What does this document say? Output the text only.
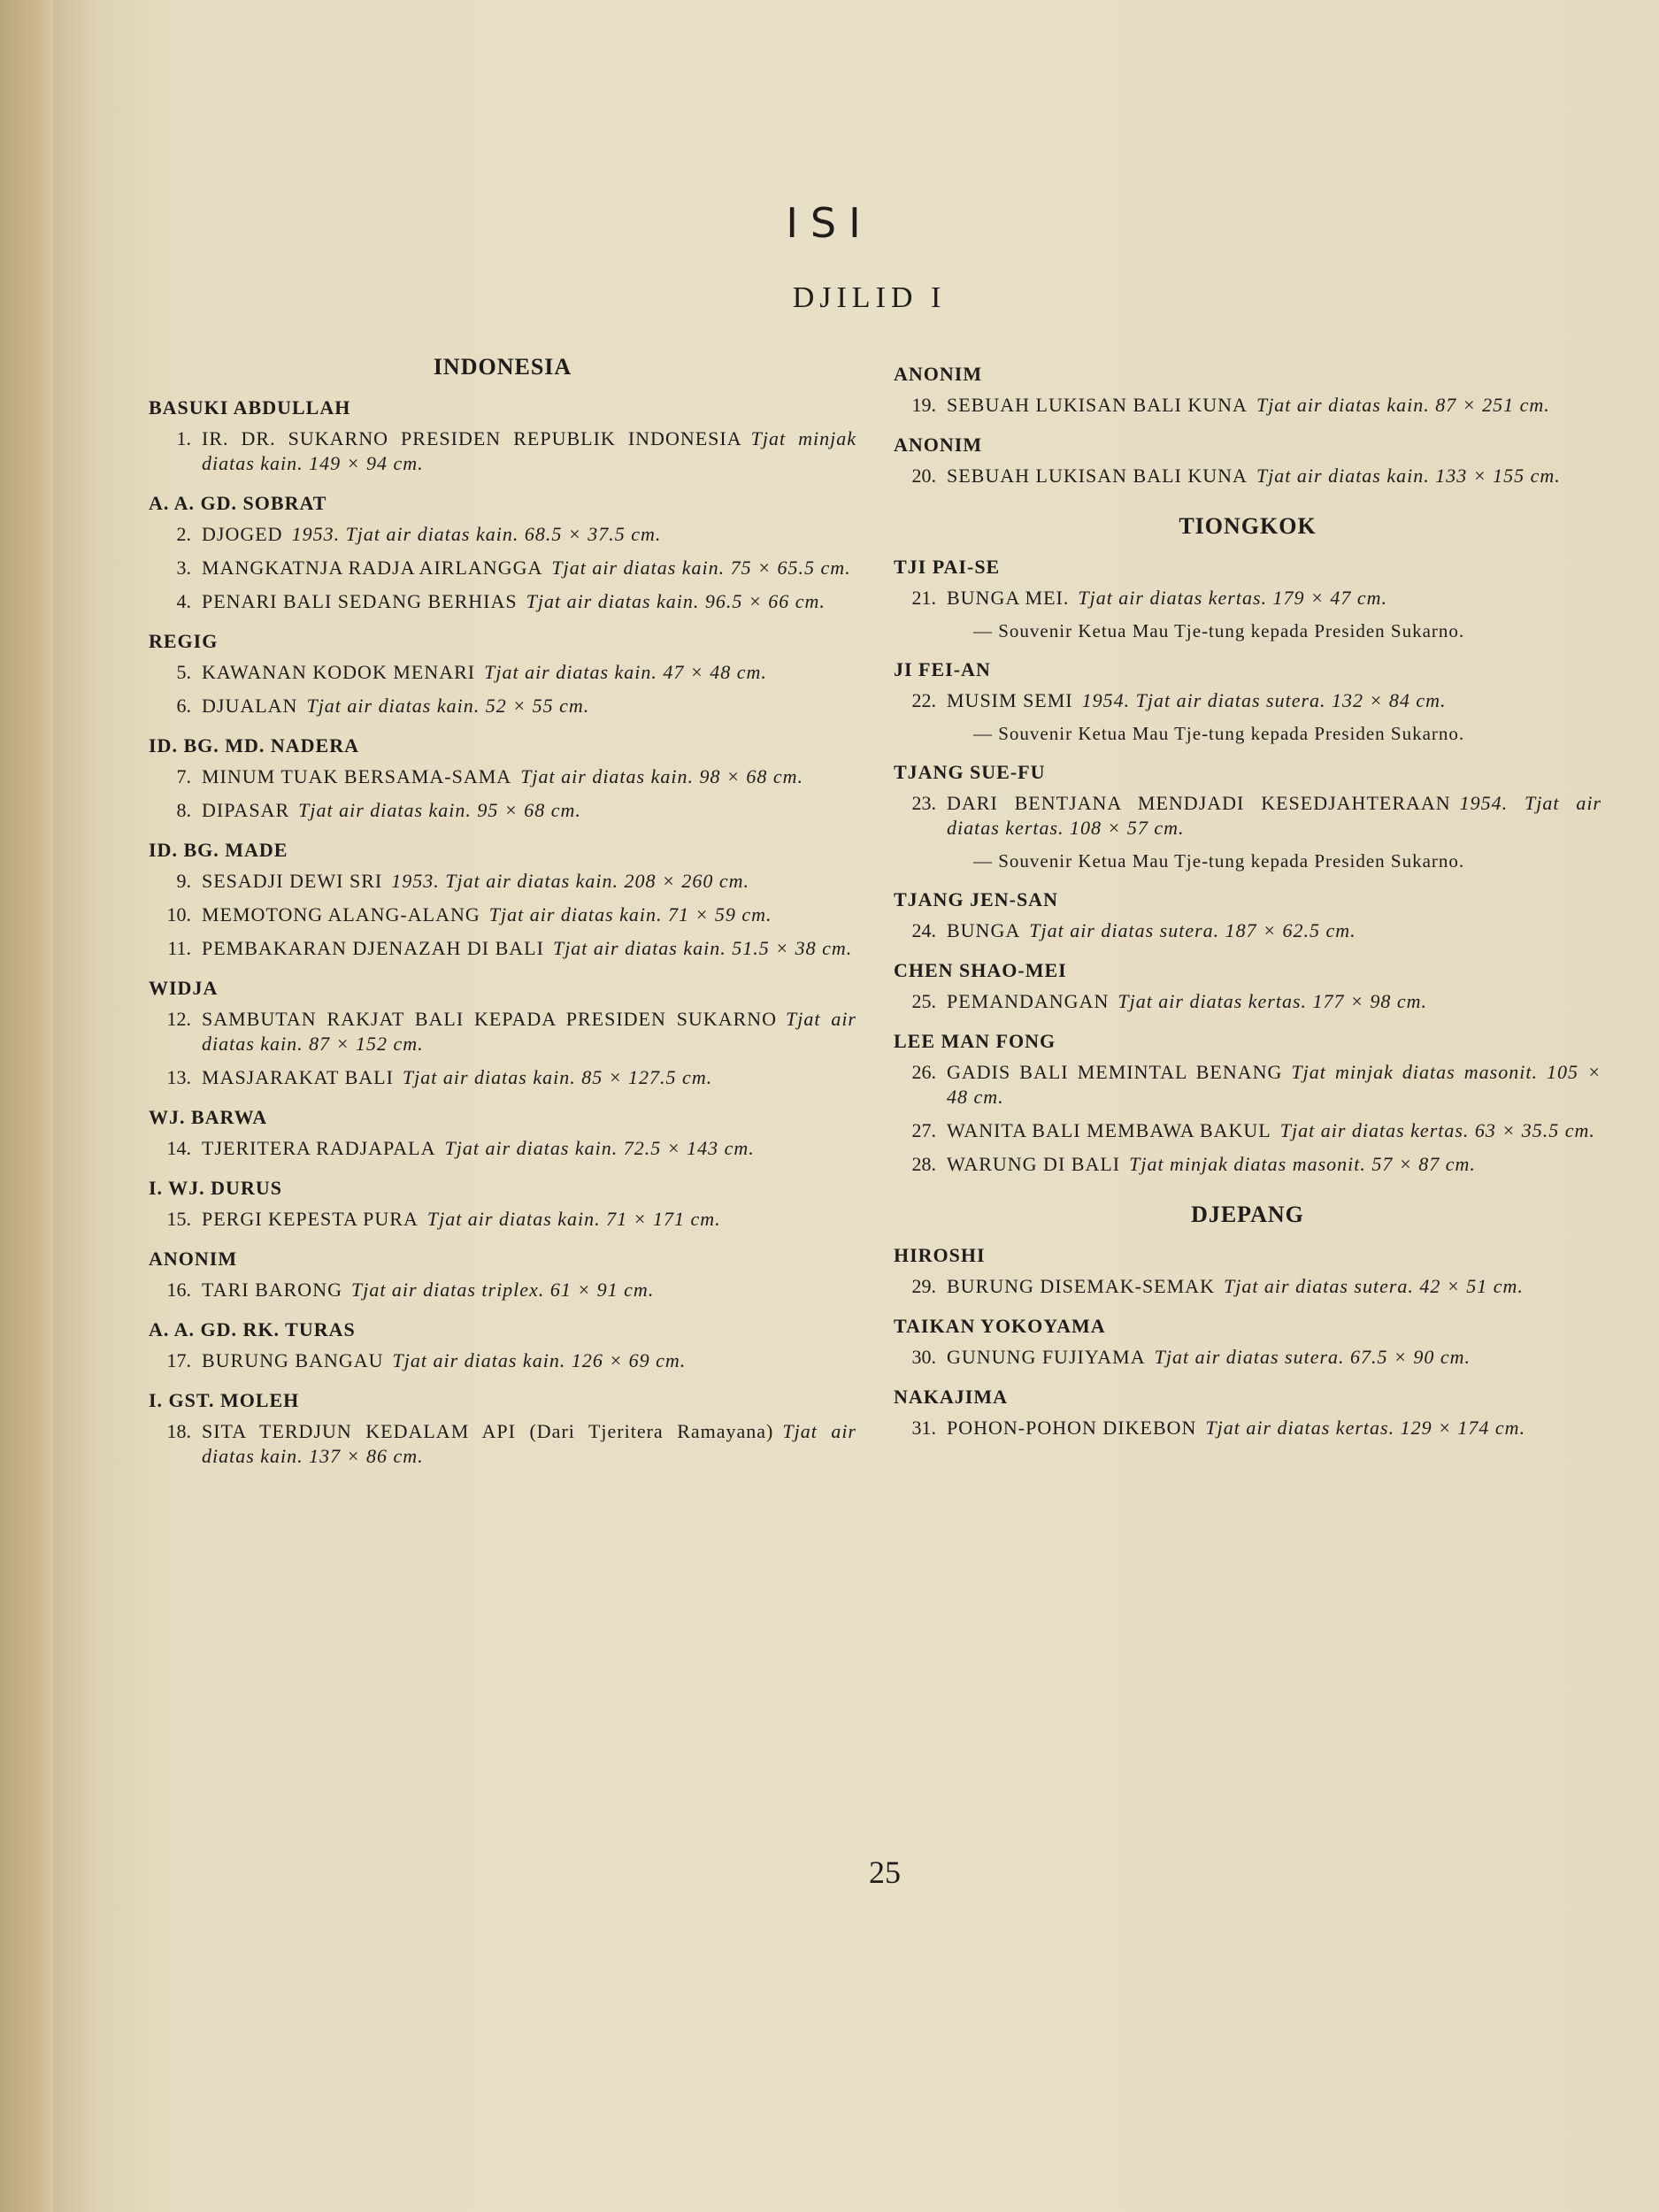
ISI
DJILID I
INDONESIA
BASUKI ABDULLAH
1. IR. DR. SUKARNO PRESIDEN REPUBLIK INDONESIA Tjat minjak diatas kain. 149 × 94 cm.
A. A. GD. SOBRAT
2. DJOGED 1953. Tjat air diatas kain. 68.5 × 37.5 cm.
3. MANGKATNJA RADJA AIRLANGGA Tjat air diatas kain. 75 × 65.5 cm.
4. PENARI BALI SEDANG BERHIAS Tjat air diatas kain. 96.5 × 66 cm.
REGIG
5. KAWANAN KODOK MENARI Tjat air diatas kain. 47 × 48 cm.
6. DJUALAN Tjat air diatas kain. 52 × 55 cm.
ID. BG. MD. NADERA
7. MINUM TUAK BERSAMA-SAMA Tjat air diatas kain. 98 × 68 cm.
8. DIPASAR Tjat air diatas kain. 95 × 68 cm.
ID. BG. MADE
9. SESADJI DEWI SRI 1953. Tjat air diatas kain. 208 × 260 cm.
10. MEMOTONG ALANG-ALANG Tjat air diatas kain. 71 × 59 cm.
11. PEMBAKARAN DJENAZAH DI BALI Tjat air diatas kain. 51.5 × 38 cm.
WIDJA
12. SAMBUTAN RAKJAT BALI KEPADA PRESIDEN SUKARNO Tjat air diatas kain. 87 × 152 cm.
13. MASJARAKAT BALI Tjat air diatas kain. 85 × 127.5 cm.
WJ. BARWA
14. TJERITERA RADJAPALA Tjat air diatas kain. 72.5 × 143 cm.
I. WJ. DURUS
15. PERGI KEPESTA PURA Tjat air diatas kain. 71 × 171 cm.
ANONIM
16. TARI BARONG Tjat air diatas triplex. 61 × 91 cm.
A. A. GD. RK. TURAS
17. BURUNG BANGAU Tjat air diatas kain. 126 × 69 cm.
I. GST. MOLEH
18. SITA TERDJUN KEDALAM API (Dari Tjeritera Ramayana) Tjat air diatas kain. 137 × 86 cm.
ANONIM
19. SEBUAH LUKISAN BALI KUNA Tjat air diatas kain. 87 × 251 cm.
ANONIM
20. SEBUAH LUKISAN BALI KUNA Tjat air diatas kain. 133 × 155 cm.
TIONGKOK
TJI PAI-SE
21. BUNGA MEI. Tjat air diatas kertas. 179 × 47 cm.
— Souvenir Ketua Mau Tje-tung kepada Presiden Sukarno.
JI FEI-AN
22. MUSIM SEMI 1954. Tjat air diatas sutera. 132 × 84 cm.
— Souvenir Ketua Mau Tje-tung kepada Presiden Sukarno.
TJANG SUE-FU
23. DARI BENTJANA MENDJADI KESEDJAHTERAAN 1954. Tjat air diatas kertas. 108 × 57 cm.
— Souvenir Ketua Mau Tje-tung kepada Presiden Sukarno.
TJANG JEN-SAN
24. BUNGA Tjat air diatas sutera. 187 × 62.5 cm.
CHEN SHAO-MEI
25. PEMANDANGAN Tjat air diatas kertas. 177 × 98 cm.
LEE MAN FONG
26. GADIS BALI MEMINTAL BENANG Tjat minjak diatas masonit. 105 × 48 cm.
27. WANITA BALI MEMBAWA BAKUL Tjat air diatas kertas. 63 × 35.5 cm.
28. WARUNG DI BALI Tjat minjak diatas masonit. 57 × 87 cm.
DJEPANG
HIROSHI
29. BURUNG DISEMAK-SEMAK Tjat air diatas sutera. 42 × 51 cm.
TAIKAN YOKOYAMA
30. GUNUNG FUJIYAMA Tjat air diatas sutera. 67.5 × 90 cm.
NAKAJIMA
31. POHON-POHON DIKEBON Tjat air diatas kertas. 129 × 174 cm.
25
